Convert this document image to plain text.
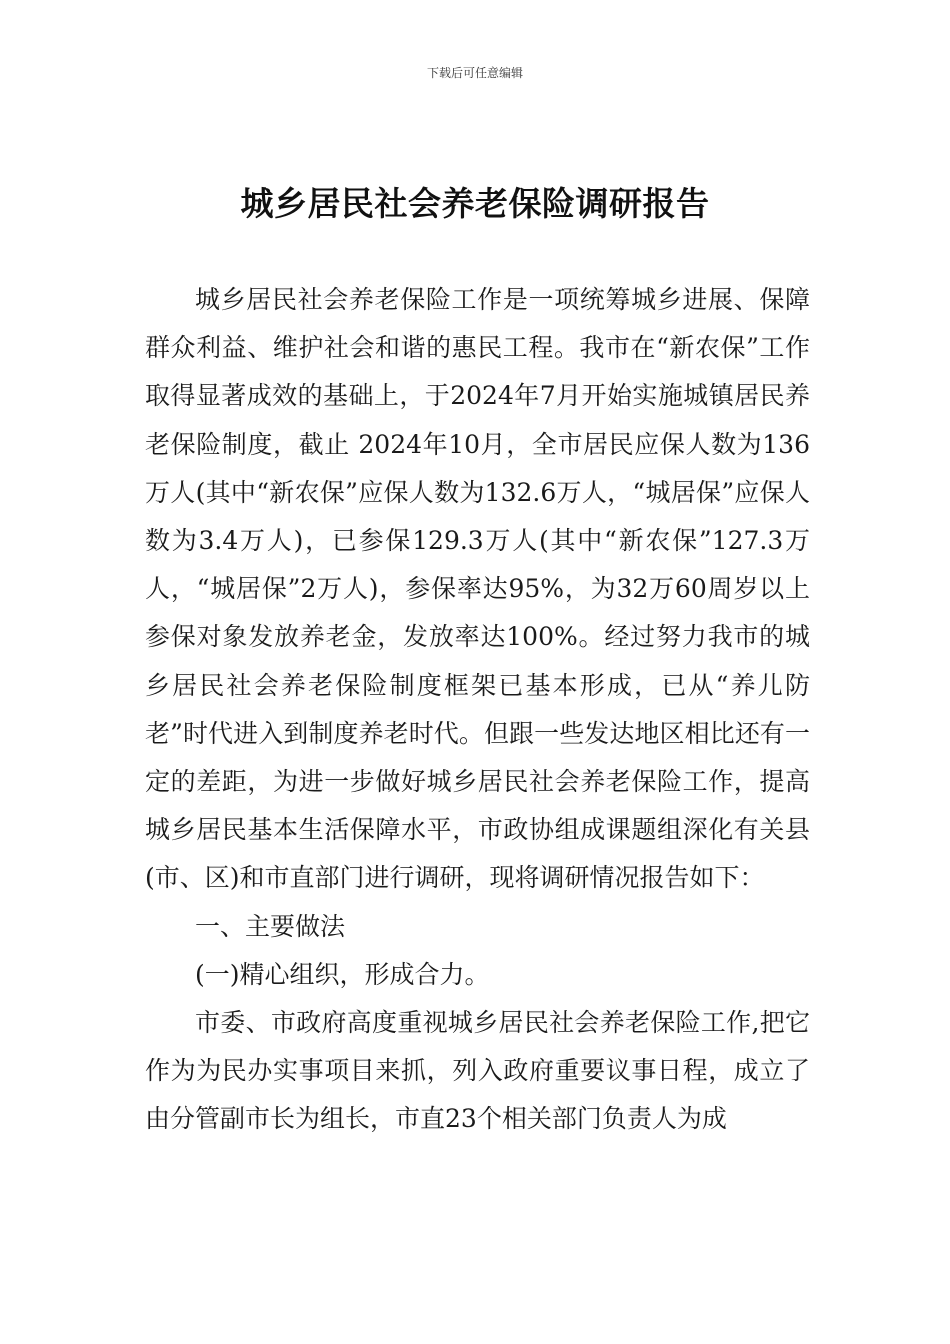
下载后可任意编辑
城乡居民社会养老保险调研报告

城乡居民社会养老保险工作是一项统筹城乡进展、保障群众利益、维护社会和谐的惠民工程。我市在“新农保”工作取得显著成效的基础上，于2024年7月开始实施城镇居民养老保险制度，截止 2024年10月，全市居民应保人数为136万人(其中“新农保”应保人数为132.6万人，“城居保”应保人数为3.4万人)，已参保129.3万人(其中“新农保”127.3万人，“城居保”2万人)，参保率达95%，为32万60周岁以上参保对象发放养老金，发放率达100%。经过努力我市的城乡居民社会养老保险制度框架已基本形成，已从“养儿防老”时代进入到制度养老时代。但跟一些发达地区相比还有一定的差距，为进一步做好城乡居民社会养老保险工作，提高城乡居民基本生活保障水平，市政协组成课题组深化有关县(市、区)和市直部门进行调研，现将调研情况报告如下：

一、主要做法

(一)精心组织，形成合力。

市委、市政府高度重视城乡居民社会养老保险工作,把它作为为民办实事项目来抓，列入政府重要议事日程，成立了由分管副市长为组长，市直23个相关部门负责人为成
